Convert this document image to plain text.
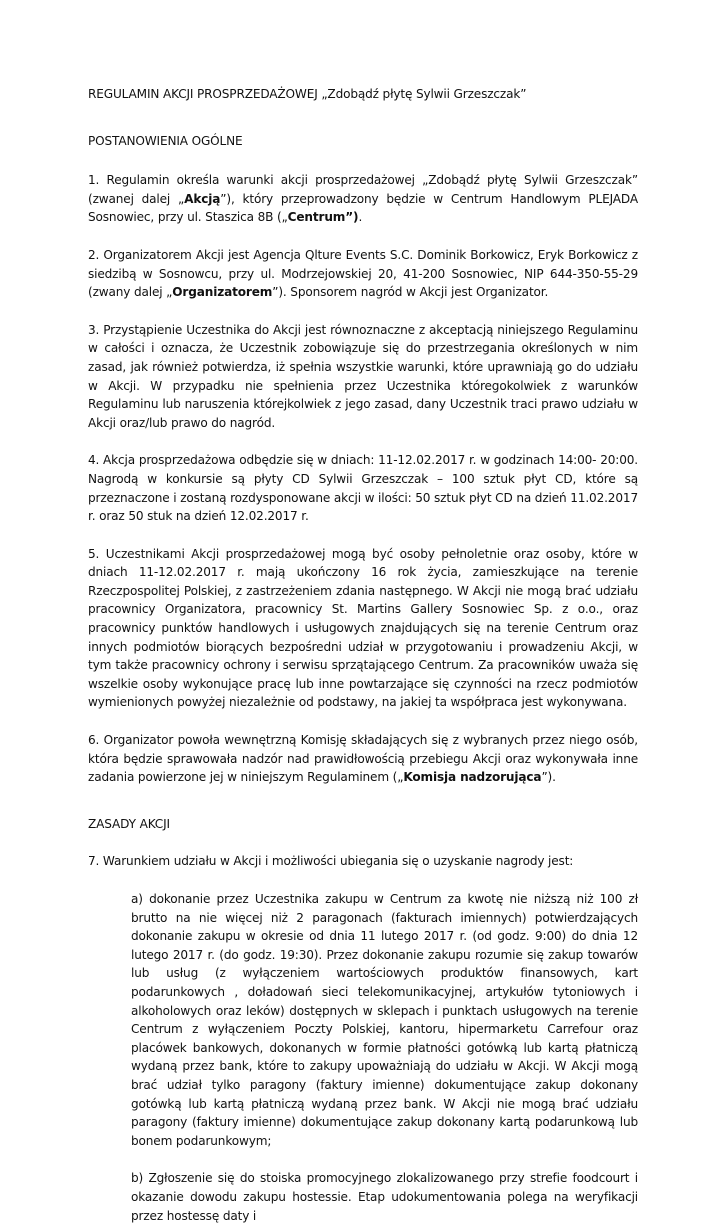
REGULAMIN AKCJI PROSPRZEDAŻOWEJ „Zdobądź płytę Sylwii Grzeszczak”

POSTANOWIENIA OGÓLNE

1. Regulamin określa warunki akcji prosprzedażowej „Zdobądź płytę Sylwii Grzeszczak” (zwanej dalej „Akcją”), który przeprowadzony będzie w Centrum Handlowym PLEJADA Sosnowiec, przy ul. Staszica 8B („Centrum”).

2. Organizatorem Akcji jest Agencja Qlture Events S.C. Dominik Borkowicz, Eryk Borkowicz z siedzibą w Sosnowcu, przy ul. Modrzejowskiej 20, 41-200 Sosnowiec, NIP 644-350-55-29 (zwany dalej „Organizatorem”). Sponsorem nagród w Akcji jest Organizator.

3. Przystąpienie Uczestnika do Akcji jest równoznaczne z akceptacją niniejszego Regulaminu w całości i oznacza, że Uczestnik zobowiązuje się do przestrzegania określonych w nim zasad, jak również potwierdza, iż spełnia wszystkie warunki, które uprawniają go do udziału w Akcji. W przypadku nie spełnienia przez Uczestnika któregokolwiek z warunków Regulaminu lub naruszenia którejkolwiek z jego zasad, dany Uczestnik traci prawo udziału w Akcji oraz/lub prawo do nagród.

4. Akcja prosprzedażowa odbędzie się w dniach: 11-12.02.2017 r. w godzinach 14:00- 20:00. Nagrodą w konkursie są płyty CD Sylwii Grzeszczak – 100 sztuk płyt CD, które są przeznaczone i zostaną rozdysponowane akcji w ilości: 50 sztuk płyt CD na dzień 11.02.2017 r. oraz 50 stuk na dzień 12.02.2017 r.

5. Uczestnikami Akcji prosprzedażowej mogą być osoby pełnoletnie oraz osoby, które w dniach 11-12.02.2017 r. mają ukończony 16 rok życia, zamieszkujące na terenie Rzeczpospolitej Polskiej, z zastrzeżeniem zdania następnego. W Akcji nie mogą brać udziału pracownicy Organizatora, pracownicy St. Martins Gallery Sosnowiec Sp. z o.o., oraz pracownicy punktów handlowych i usługowych znajdujących się na terenie Centrum oraz innych podmiotów biorących bezpośredni udział w przygotowaniu i prowadzeniu Akcji, w tym także pracownicy ochrony i serwisu sprzątającego Centrum. Za pracowników uważa się wszelkie osoby wykonujące pracę lub inne powtarzające się czynności na rzecz podmiotów wymienionych powyżej niezależnie od podstawy, na jakiej ta współpraca jest wykonywana.

6. Organizator powoła wewnętrzną Komisję składających się z wybranych przez niego osób, która będzie sprawowała nadzór nad prawidłowością przebiegu Akcji oraz wykonywała inne zadania powierzone jej w niniejszym Regulaminem („Komisja nadzorująca”).

ZASADY AKCJI

7. Warunkiem udziału w Akcji i możliwości ubiegania się o uzyskanie nagrody jest:

a) dokonanie przez Uczestnika zakupu w Centrum za kwotę nie niższą niż 100 zł brutto na nie więcej niż 2 paragonach (fakturach imiennych) potwierdzających dokonanie zakupu w okresie od dnia 11 lutego 2017 r. (od godz. 9:00) do dnia 12 lutego 2017 r. (do godz. 19:30). Przez dokonanie zakupu rozumie się zakup towarów lub usług (z wyłączeniem wartościowych produktów finansowych, kart podarunkowych , doładowań sieci telekomunikacyjnej, artykułów tytoniowych i alkoholowych oraz leków) dostępnych w sklepach i punktach usługowych na terenie Centrum z wyłączeniem Poczty Polskiej, kantoru, hipermarketu Carrefour oraz placówek bankowych, dokonanych w formie płatności gotówką lub kartą płatniczą wydaną przez bank, które to zakupy upoważniają do udziału w Akcji. W Akcji mogą brać udział tylko paragony (faktury imienne) dokumentujące zakup dokonany gotówką lub kartą płatniczą wydaną przez bank. W Akcji nie mogą brać udziału paragony (faktury imienne) dokumentujące zakup dokonany kartą podarunkową lub bonem podarunkowym;

b) Zgłoszenie się do stoiska promocyjnego zlokalizowanego przy strefie foodcourt i okazanie dowodu zakupu hostessie. Etap udokumentowania polega na weryfikacji przez hostessę daty i
